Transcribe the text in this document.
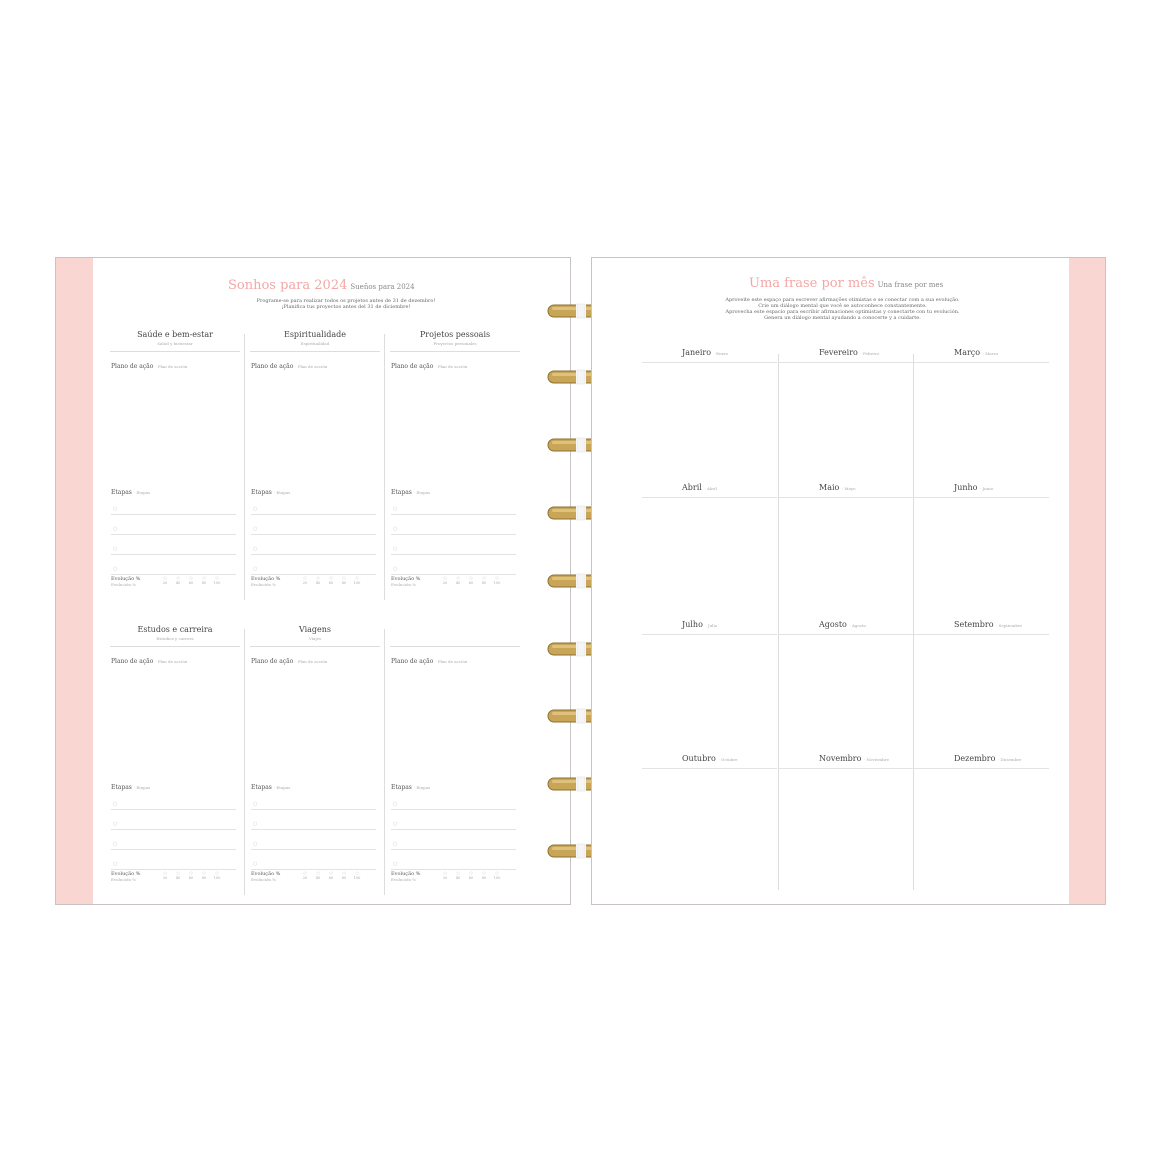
Sonhos para 2024 Sueños para 2024
Programe-se para realizar todos os projetos antes de 31 de dezembro!
¡Planifica tus proyectos antes del 31 de diciembre!
Saúde e bem-estar
Salud y bienestar
Plano de ação · Plan de acción
Etapas · Etapas
○
○
○
○
Evolução %
Evolución %
○
20
○
40
○
60
○
80
○
100
Espiritualidade
Espiritualidad
Plano de ação · Plan de acción
Etapas · Etapas
○
○
○
○
Evolução %
Evolución %
○
20
○
40
○
60
○
80
○
100
Projetos pessoais
Proyectos personales
Plano de ação · Plan de acción
Etapas · Etapas
○
○
○
○
Evolução %
Evolución %
○
20
○
40
○
60
○
80
○
100
Estudos e carreira
Estudios y carrera
Plano de ação · Plan de acción
Etapas · Etapas
○
○
○
○
Evolução %
Evolución %
○
20
○
40
○
60
○
80
○
100
Viagens
Viajes
Plano de ação · Plan de acción
Etapas · Etapas
○
○
○
○
Evolução %
Evolución %
○
20
○
40
○
60
○
80
○
100
Plano de ação · Plan de acción
Etapas · Etapas
○
○
○
○
Evolução %
Evolución %
○
20
○
40
○
60
○
80
○
100
Janeiro · Enero	Fevereiro · Febrero	Março · Marzo
Abril · Abril	Maio · Mayo	Junho · Junio
Julho · Julio	Agosto · Agosto	Setembro · Septiembre
Outubro · Octubre	Novembro · Noviembre	Dezembro · Diciembre
Uma frase por mês Una frase por mes
Aproveite este espaço para escrever afirmações otimistas e se conectar com a sua evolução.
Crie um diálogo mental que você se autoconhece constantemente.
Aprovecha este espacio para escribir afirmaciones optimistas y conectarte con tu evolución.
Genera un diálogo mental ayudando a conocerte y a cuidarte.
